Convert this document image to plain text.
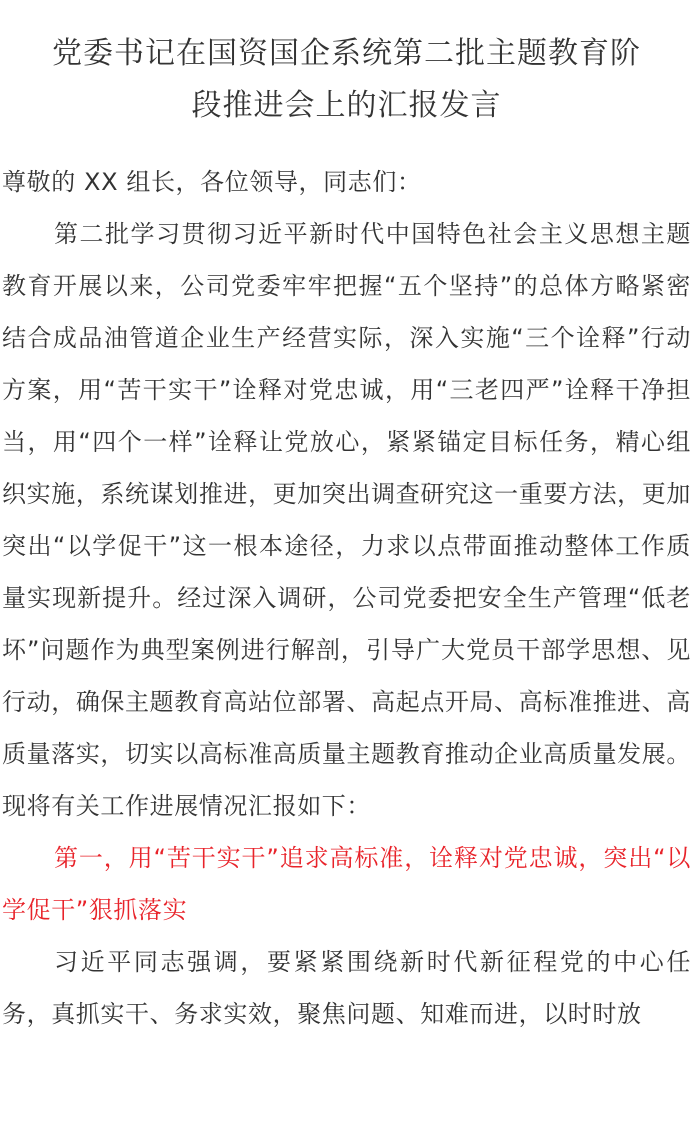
党委书记在国资国企系统第二批主题教育阶
段推进会上的汇报发言

尊敬的 XX 组长，各位领导，同志们：

第二批学习贯彻习近平新时代中国特色社会主义思想主题教育开展以来，公司党委牢牢把握“五个坚持”的总体方略紧密结合成品油管道企业生产经营实际，深入实施“三个诠释”行动方案，用“苦干实干”诠释对党忠诚，用“三老四严”诠释干净担当，用“四个一样”诠释让党放心，紧紧锚定目标任务，精心组织实施，系统谋划推进，更加突出调查研究这一重要方法，更加突出“以学促干”这一根本途径，力求以点带面推动整体工作质量实现新提升。经过深入调研，公司党委把安全生产管理“低老坏”问题作为典型案例进行解剖，引导广大党员干部学思想、见行动，确保主题教育高站位部署、高起点开局、高标准推进、高质量落实，切实以高标准高质量主题教育推动企业高质量发展。现将有关工作进展情况汇报如下：

第一，用“苦干实干”追求高标准，诠释对党忠诚，突出“以学促干”狠抓落实

习近平同志强调，要紧紧围绕新时代新征程党的中心任务，真抓实干、务求实效，聚焦问题、知难而进，以时时放
